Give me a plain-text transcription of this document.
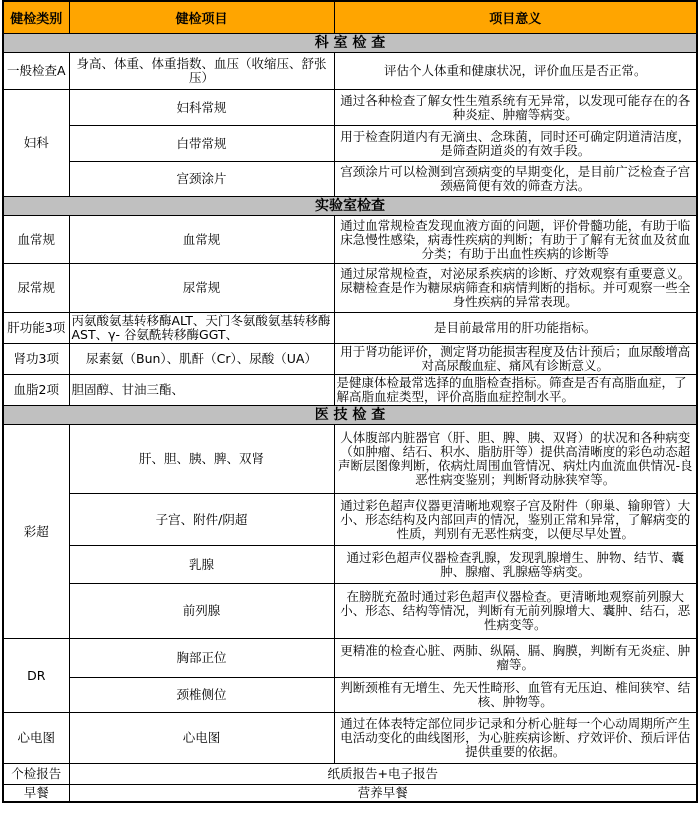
健检类别	健检项目	项目意义
科 室 检 查		
一般检查A	身高、体重、体重指数、血压（收缩压、舒张压）	评估个人体重和健康状况，评价血压是否正常。
妇科	妇科常规	通过各种检查了解女性生殖系统有无异常，以发现可能存在的各种炎症、肿瘤等病变。
	白带常规	用于检查阴道内有无滴虫、念珠菌，同时还可确定阴道清洁度，是筛查阴道炎的有效手段。
	宫颈涂片	宫颈涂片可以检测到宫颈病变的早期变化，是目前广泛检查子宫颈癌简便有效的筛查方法。
实验室检查		
血常规	血常规	通过血常规检查发现血液方面的问题，评价骨髓功能，有助于临床急慢性感染，病毒性疾病的判断；有助于了解有无贫血及贫血分类；有助于出血性疾病的诊断等
尿常规	尿常规	通过尿常规检查，对泌尿系疾病的诊断、疗效观察有重要意义。尿糖检查是作为糖尿病筛查和病情判断的指标。并可观察一些全身性疾病的异常表现。
肝功能3项	丙氨酸氨基转移酶ALT、天门冬氨酸氨基转移酶AST、γ- 谷氨酰转移酶GGT、	是目前最常用的肝功能指标。
肾功3项	尿素氨（Bun）、肌酐（Cr）、尿酸（UA）	用于肾功能评价，测定肾功能损害程度及估计预后；血尿酸增高对高尿酸血症、痛风有诊断意义。
血脂2项	胆固醇、甘油三酯、	是健康体检最常选择的血脂检查指标。筛查是否有高脂血症，了解高脂血症类型，评价高脂血症控制水平。
医 技 检 查		
彩超	肝、胆、胰、脾、双肾	人体腹部内脏器官（肝、胆、脾、胰、双肾）的状况和各种病变（如肿瘤、结石、积水、脂肪肝等）提供高清晰度的彩色动态超声断层图像判断，依病灶周围血管情况、病灶内血流血供情况-良恶性病变鉴别；判断肾动脉狭窄等。
	子宫、附件/阴超	通过彩色超声仪器更清晰地观察子宫及附件（卵巢、输卵管）大小、形态结构及内部回声的情况，鉴别正常和异常，了解病变的性质，判别有无恶性病变，以便尽早处置。
	乳腺	通过彩色超声仪器检查乳腺，发现乳腺增生、肿物、结节、囊肿、腺瘤、乳腺癌等病变。
	前列腺	在膀胱充盈时通过彩色超声仪器检查。更清晰地观察前列腺大小、形态、结构等情况，判断有无前列腺增大、囊肿、结石，恶性病变等。
DR	胸部正位	更精准的检查心脏、两肺、纵隔、膈、胸膜，判断有无炎症、肿瘤等。
	颈椎侧位	判断颈椎有无增生、先天性畸形、血管有无压迫、椎间狭窄、结核、肿物等。
心电图	心电图	通过在体表特定部位同步记录和分析心脏每一个心动周期所产生电活动变化的曲线图形，为心脏疾病诊断、疗效评价、预后评估提供重要的依据。
个检报告	纸质报告+电子报告	
早餐	营养早餐	
